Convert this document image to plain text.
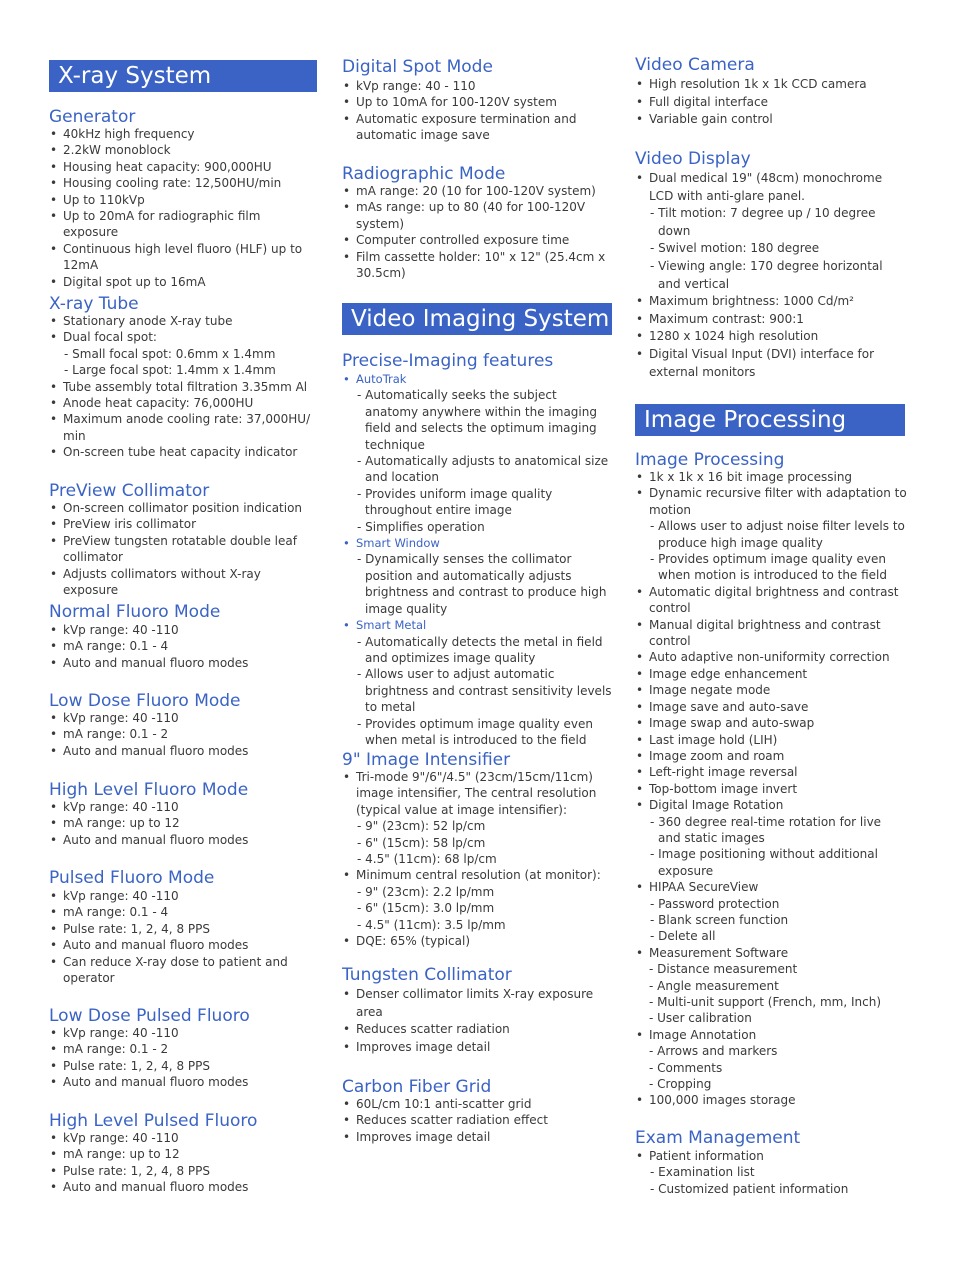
X-ray System
Generator
• 40kHz high frequency
• 2.2kW monoblock
• Housing heat capacity: 900,000HU
• Housing cooling rate: 12,500HU/min
• Up to 110kVp
• Up to 20mA for radiographic film exposure
• Continuous high level fluoro (HLF) up to 12mA
• Digital spot up to 16mA
X-ray Tube
• Stationary anode X-ray tube
• Dual focal spot:
- Small focal spot: 0.6mm x 1.4mm
- Large focal spot: 1.4mm x 1.4mm
• Tube assembly total filtration 3.35mm Al
• Anode heat capacity: 76,000HU
• Maximum anode cooling rate: 37,000HU/ min
• On-screen tube heat capacity indicator
PreView Collimator
• On-screen collimator position indication
• PreView iris collimator
• PreView tungsten rotatable double leaf collimator
• Adjusts collimators without X-ray exposure
Normal Fluoro Mode
• kVp range: 40 -110
• mA range: 0.1 - 4
• Auto and manual fluoro modes
Low Dose Fluoro Mode
• kVp range: 40 -110
• mA range: 0.1 - 2
• Auto and manual fluoro modes
High Level Fluoro Mode
• kVp range: 40 -110
• mA range: up to 12
• Auto and manual fluoro modes
Pulsed Fluoro Mode
• kVp range: 40 -110
• mA range: 0.1 - 4
• Pulse rate: 1, 2, 4, 8 PPS
• Auto and manual fluoro modes
• Can reduce X-ray dose to patient and operator
Low Dose Pulsed Fluoro
• kVp range: 40 -110
• mA range: 0.1 - 2
• Pulse rate: 1, 2, 4, 8 PPS
• Auto and manual fluoro modes
High Level Pulsed Fluoro
• kVp range: 40 -110
• mA range: up to 12
• Pulse rate: 1, 2, 4, 8 PPS
• Auto and manual fluoro modes
Digital Spot Mode
• kVp range: 40 - 110
• Up to 10mA for 100-120V system
• Automatic exposure termination and automatic image save
Radiographic Mode
• mA range: 20 (10 for 100-120V system)
• mAs range: up to 80 (40 for 100-120V system)
• Computer controlled exposure time
• Film cassette holder: 10" x 12" (25.4cm x 30.5cm)
Video Imaging System
Precise-Imaging features
• AutoTrak
- Automatically seeks the subject anatomy anywhere within the imaging field and selects the optimum imaging technique
- Automatically adjusts to anatomical size and location
- Provides uniform image quality throughout entire image
- Simplifies operation
• Smart Window
- Dynamically senses the collimator position and automatically adjusts brightness and contrast to produce high image quality
• Smart Metal
- Automatically detects the metal in field and optimizes image quality
- Allows user to adjust automatic brightness and contrast sensitivity levels to metal
- Provides optimum image quality even when metal is introduced to the field
9" Image Intensifier
• Tri-mode 9"/6"/4.5" (23cm/15cm/11cm) image intensifier, The central resolution (typical value at image intensifier):
- 9" (23cm): 52 lp/cm
- 6" (15cm): 58 lp/cm
- 4.5" (11cm): 68 lp/cm
• Minimum central resolution (at monitor):
- 9" (23cm): 2.2 lp/mm
- 6" (15cm): 3.0 lp/mm
- 4.5" (11cm): 3.5 lp/mm
• DQE: 65% (typical)
Tungsten Collimator
• Denser collimator limits X-ray exposure area
• Reduces scatter radiation
• Improves image detail
Carbon Fiber Grid
• 60L/cm 10:1 anti-scatter grid
• Reduces scatter radiation effect
• Improves image detail
Video Camera
• High resolution 1k x 1k CCD camera
• Full digital interface
• Variable gain control
Video Display
• Dual medical 19" (48cm) monochrome LCD with anti-glare panel.
- Tilt motion: 7 degree up / 10 degree down
- Swivel motion: 180 degree
- Viewing angle: 170 degree horizontal and vertical
• Maximum brightness: 1000 Cd/m²
• Maximum contrast: 900:1
• 1280 x 1024 high resolution
• Digital Visual Input (DVI) interface for external monitors
Image Processing
Image Processing
• 1k x 1k x 16 bit image processing
• Dynamic recursive filter with adaptation to motion
- Allows user to adjust noise filter levels to produce high image quality
- Provides optimum image quality even when motion is introduced to the field
• Automatic digital brightness and contrast control
• Manual digital brightness and contrast control
• Auto adaptive non-uniformity correction
• Image edge enhancement
• Image negate mode
• Image save and auto-save
• Image swap and auto-swap
• Last image hold (LIH)
• Image zoom and roam
• Left-right image reversal
• Top-bottom image invert
• Digital Image Rotation
- 360 degree real-time rotation for live and static images
- Image positioning without additional exposure
• HIPAA SecureView
- Password protection
- Blank screen function
- Delete all
• Measurement Software
- Distance measurement
- Angle measurement
- Multi-unit support (French, mm, Inch)
- User calibration
• Image Annotation
- Arrows and markers
- Comments
- Cropping
• 100,000 images storage
Exam Management
• Patient information
- Examination list
- Customized patient information
